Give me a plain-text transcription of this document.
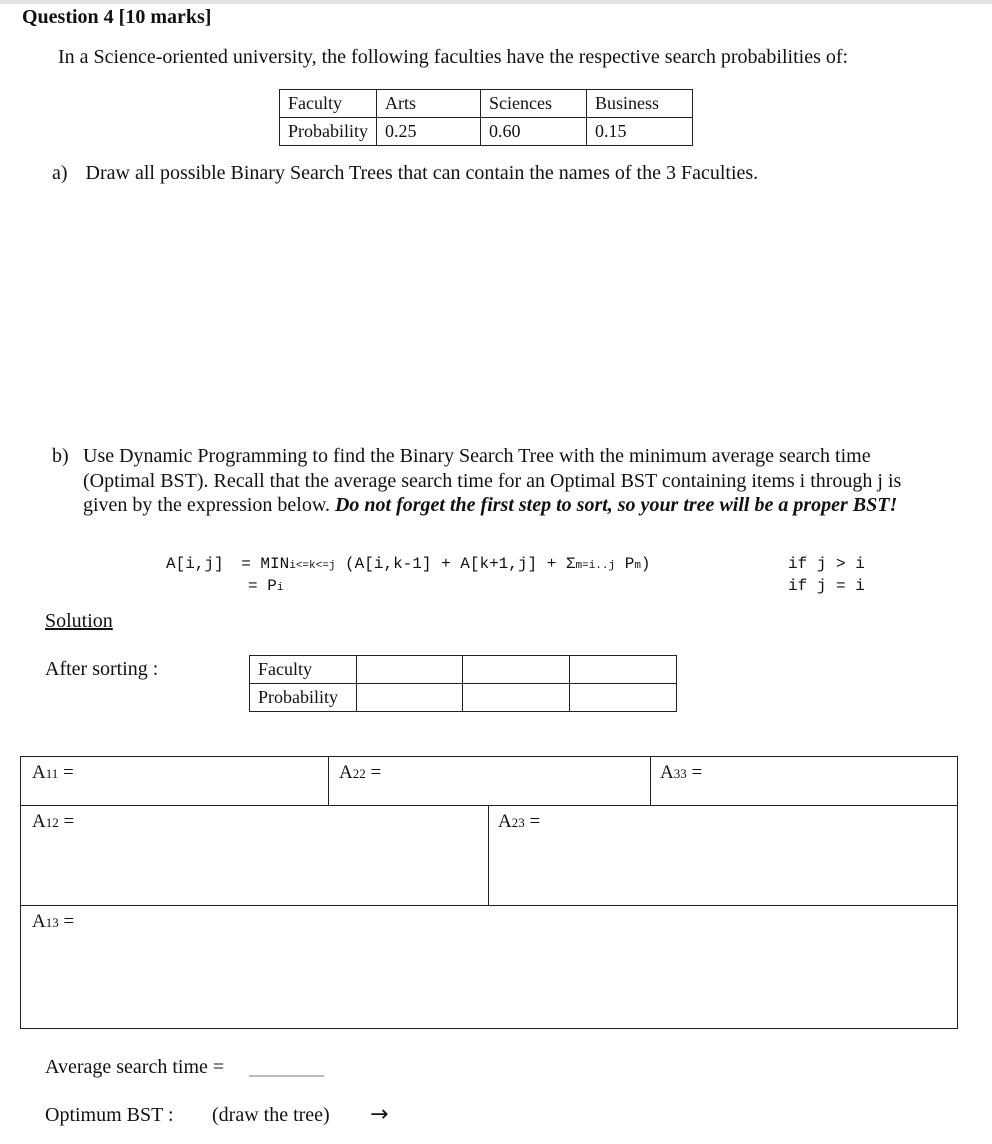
Question 4 [10 marks]
In a Science-oriented university, the following faculties have the respective search probabilities of:
Faculty	Arts	Sciences	Business
Probability	0.25	0.60	0.15
a) Draw all possible Binary Search Trees that can contain the names of the 3 Faculties.
b) Use Dynamic Programming to find the Binary Search Tree with the minimum average search time (Optimal BST). Recall that the average search time for an Optimal BST containing items i through j is given by the expression below. Do not forget the first step to sort, so your tree will be a proper BST!
A[i,j] = MINi<=k<=j (A[i,k-1] + A[k+1,j] + Σm=i..j Pm)	if j > i
= Pi	if j = i
Solution
After sorting :	Faculty			
Probability			
A11 =	A22 =	A33 =
A12 =	A23 =
A13 =
Average search time =
Optimum BST : (draw the tree) →
